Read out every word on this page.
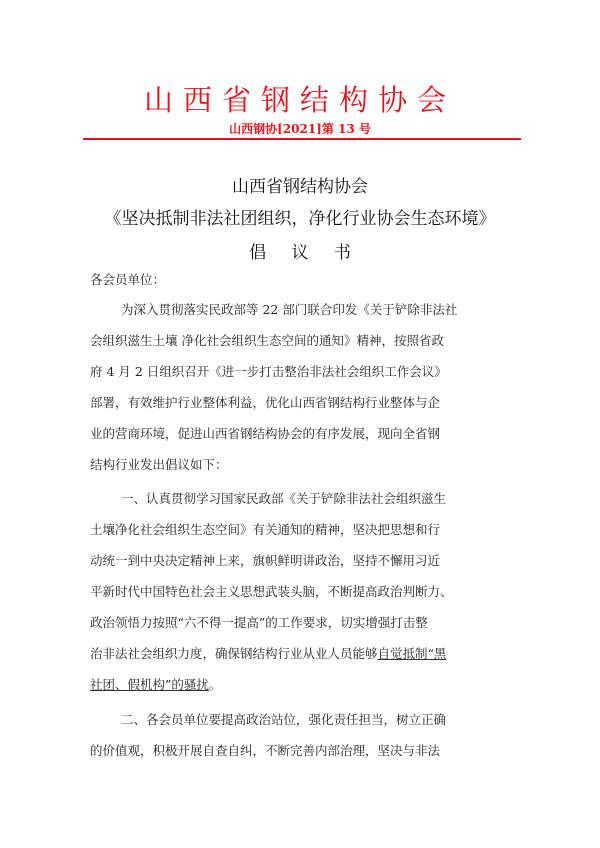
山西省钢结构协会
山西钢协[2021]第 13 号
山西省钢结构协会
《坚决抵制非法社团组织，净化行业协会生态环境》
倡 议 书
各会员单位：
为深入贯彻落实民政部等 22 部门联合印发《关于铲除非法社
会组织滋生土壤 净化社会组织生态空间的通知》精神，按照省政
府 4 月 2 日组织召开《进一步打击整治非法社会组织工作会议》
部署，有效维护行业整体利益，优化山西省钢结构行业整体与企
业的营商环境，促进山西省钢结构协会的有序发展，现向全省钢
结构行业发出倡议如下：
一、认真贯彻学习国家民政部《关于铲除非法社会组织滋生
土壤净化社会组织生态空间》有关通知的精神，坚决把思想和行
动统一到中央决定精神上来，旗帜鲜明讲政治，坚持不懈用习近
平新时代中国特色社会主义思想武装头脑，不断提高政治判断力、
政治领悟力按照“六不得一提高”的工作要求，切实增强打击整
治非法社会组织力度，确保钢结构行业从业人员能够自觉抵制“黑
社团、假机构”的骚扰。
二、各会员单位要提高政治站位，强化责任担当，树立正确
的价值观，积极开展自查自纠，不断完善内部治理，坚决与非法
